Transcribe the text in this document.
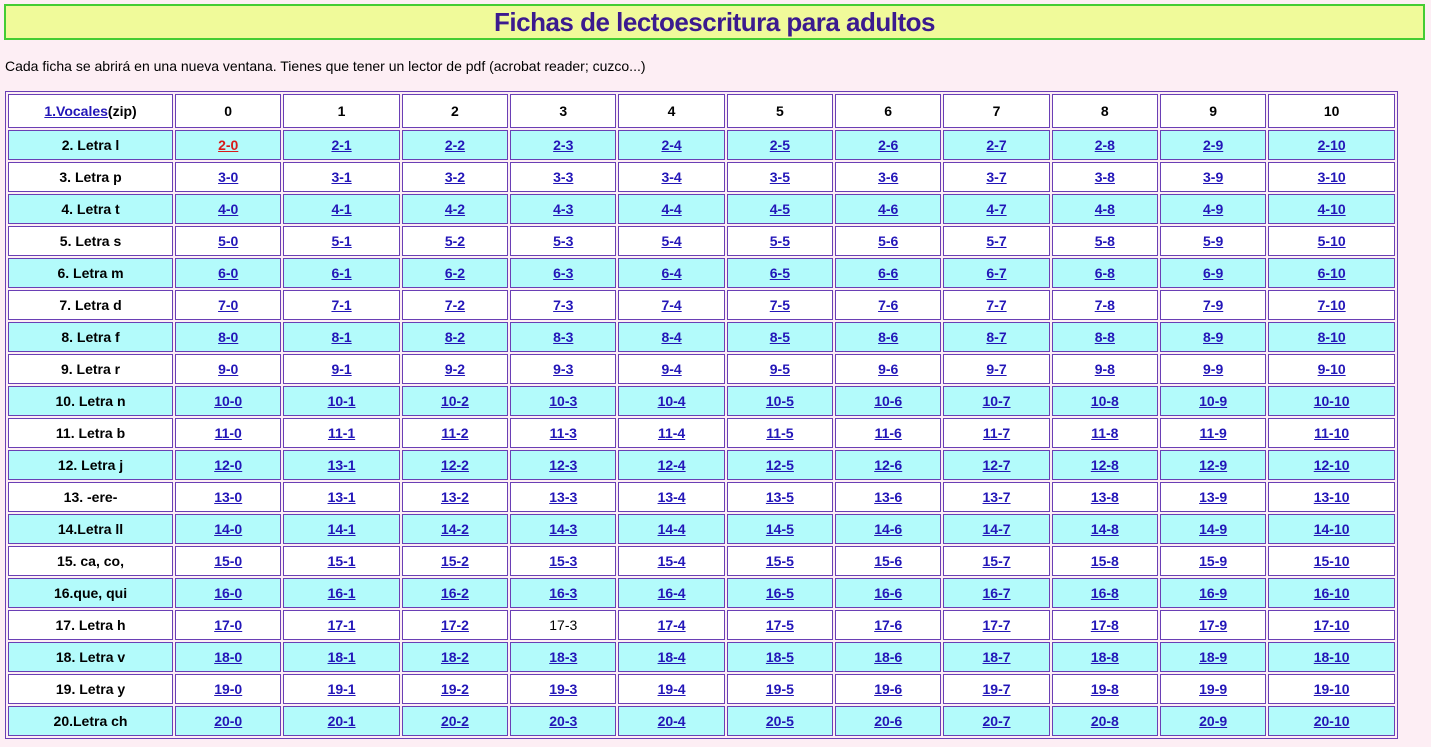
Fichas de lectoescritura para adultos
Cada ficha se abrirá en una nueva ventana. Tienes que tener un lector de pdf (acrobat reader; cuzco...)
1.Vocales(zip)	0	1	2	3	4	5	6	7	8	9	10
2. Letra l	2-0	2-1	2-2	2-3	2-4	2-5	2-6	2-7	2-8	2-9	2-10
3. Letra p	3-0	3-1	3-2	3-3	3-4	3-5	3-6	3-7	3-8	3-9	3-10
4. Letra t	4-0	4-1	4-2	4-3	4-4	4-5	4-6	4-7	4-8	4-9	4-10
5. Letra s	5-0	5-1	5-2	5-3	5-4	5-5	5-6	5-7	5-8	5-9	5-10
6. Letra m	6-0	6-1	6-2	6-3	6-4	6-5	6-6	6-7	6-8	6-9	6-10
7. Letra d	7-0	7-1	7-2	7-3	7-4	7-5	7-6	7-7	7-8	7-9	7-10
8. Letra f	8-0	8-1	8-2	8-3	8-4	8-5	8-6	8-7	8-8	8-9	8-10
9. Letra r	9-0	9-1	9-2	9-3	9-4	9-5	9-6	9-7	9-8	9-9	9-10
10. Letra n	10-0	10-1	10-2	10-3	10-4	10-5	10-6	10-7	10-8	10-9	10-10
11. Letra b	11-0	11-1	11-2	11-3	11-4	11-5	11-6	11-7	11-8	11-9	11-10
12. Letra j	12-0	13-1	12-2	12-3	12-4	12-5	12-6	12-7	12-8	12-9	12-10
13. -ere-	13-0	13-1	13-2	13-3	13-4	13-5	13-6	13-7	13-8	13-9	13-10
14.Letra ll	14-0	14-1	14-2	14-3	14-4	14-5	14-6	14-7	14-8	14-9	14-10
15. ca, co,	15-0	15-1	15-2	15-3	15-4	15-5	15-6	15-7	15-8	15-9	15-10
16.que, qui	16-0	16-1	16-2	16-3	16-4	16-5	16-6	16-7	16-8	16-9	16-10
17. Letra h	17-0	17-1	17-2	17-3	17-4	17-5	17-6	17-7	17-8	17-9	17-10
18. Letra v	18-0	18-1	18-2	18-3	18-4	18-5	18-6	18-7	18-8	18-9	18-10
19. Letra y	19-0	19-1	19-2	19-3	19-4	19-5	19-6	19-7	19-8	19-9	19-10
20.Letra ch	20-0	20-1	20-2	20-3	20-4	20-5	20-6	20-7	20-8	20-9	20-10
